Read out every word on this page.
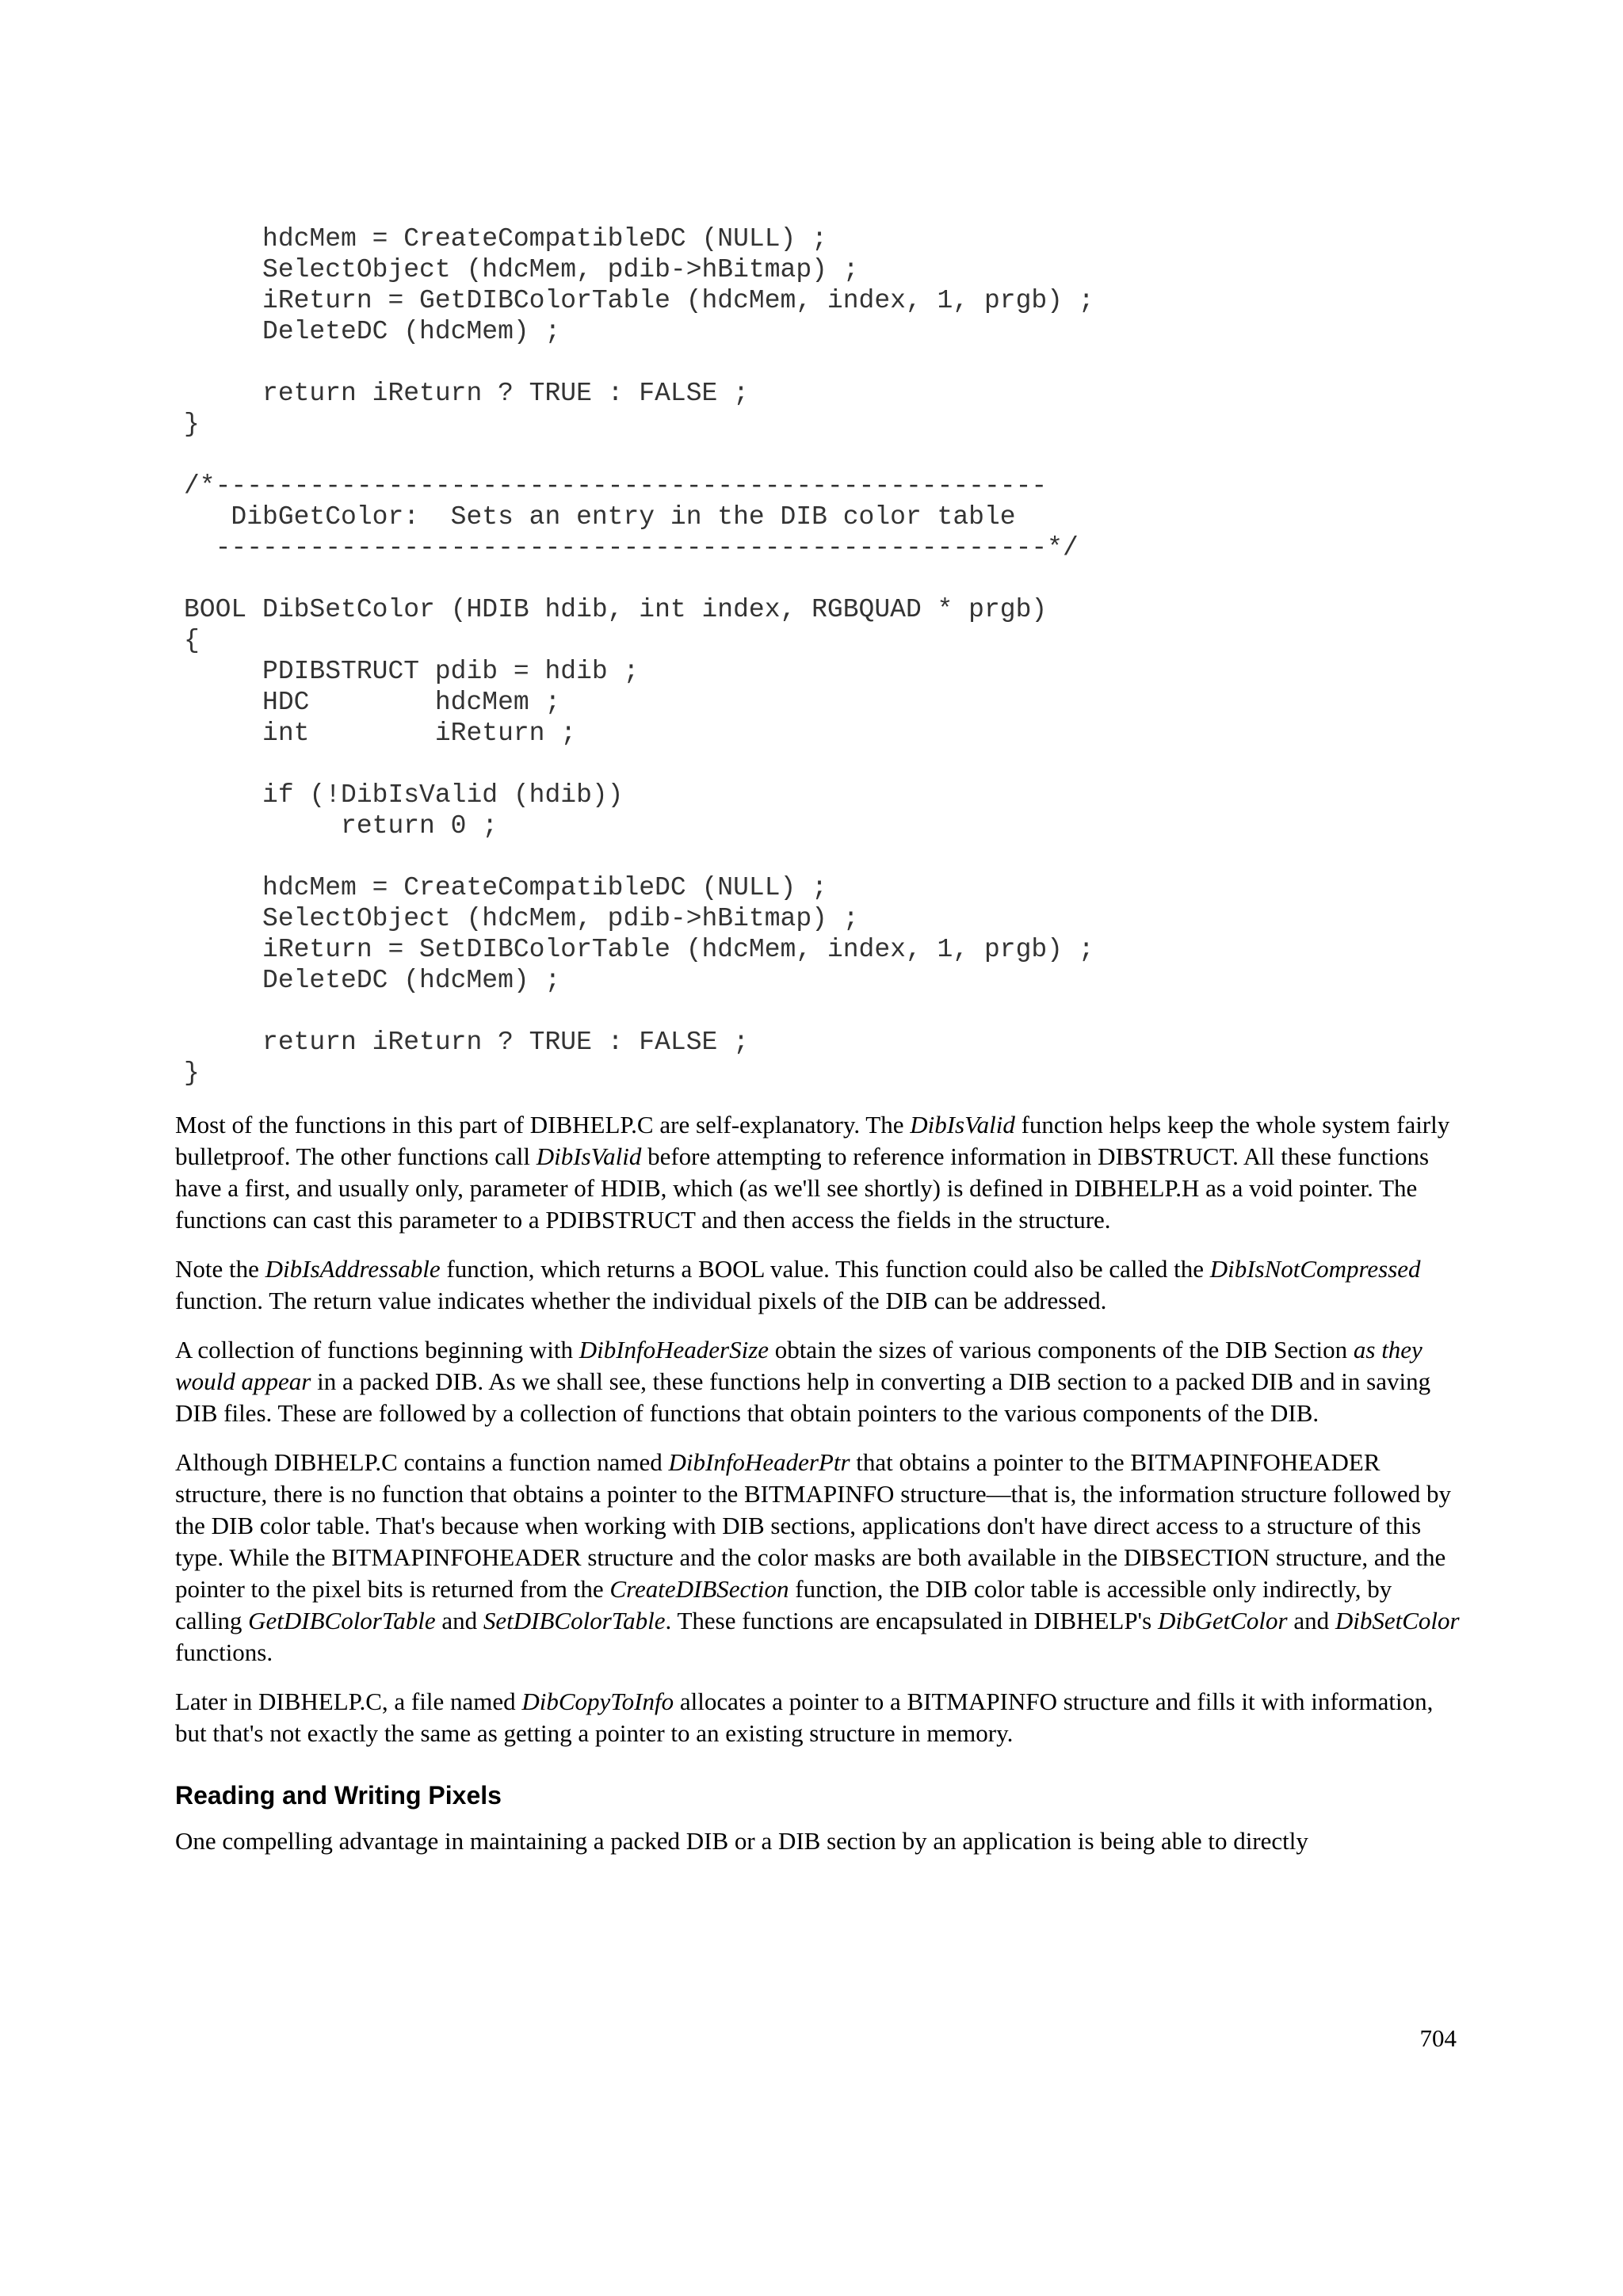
hdcMem = CreateCompatibleDC (NULL) ;
SelectObject (hdcMem, pdib->hBitmap) ;
iReturn = GetDIBColorTable (hdcMem, index, 1, prgb) ;
DeleteDC (hdcMem) ;
return iReturn ? TRUE : FALSE ;
}
/*-----------------------------------------------------
DibGetColor:  Sets an entry in the DIB color table
-----------------------------------------------------*/
BOOL DibSetColor (HDIB hdib, int index, RGBQUAD * prgb)
{
PDIBSTRUCT pdib = hdib ;
HDC        hdcMem ;
int        iReturn ;
if (!DibIsValid (hdib))
return 0 ;
hdcMem = CreateCompatibleDC (NULL) ;
SelectObject (hdcMem, pdib->hBitmap) ;
iReturn = SetDIBColorTable (hdcMem, index, 1, prgb) ;
DeleteDC (hdcMem) ;
return iReturn ? TRUE : FALSE ;
}

Most of the functions in this part of DIBHELP.C are self-explanatory. The DibIsValid function helps keep the whole system fairly bulletproof. The other functions call DibIsValid before attempting to reference information in DIBSTRUCT. All these functions have a first, and usually only, parameter of HDIB, which (as we'll see shortly) is defined in DIBHELP.H as a void pointer. The functions can cast this parameter to a PDIBSTRUCT and then access the fields in the structure.

Note the DibIsAddressable function, which returns a BOOL value. This function could also be called the DibIsNotCompressed function. The return value indicates whether the individual pixels of the DIB can be addressed.

A collection of functions beginning with DibInfoHeaderSize obtain the sizes of various components of the DIB Section as they would appear in a packed DIB. As we shall see, these functions help in converting a DIB section to a packed DIB and in saving DIB files. These are followed by a collection of functions that obtain pointers to the various components of the DIB.

Although DIBHELP.C contains a function named DibInfoHeaderPtr that obtains a pointer to the BITMAPINFOHEADER structure, there is no function that obtains a pointer to the BITMAPINFO structure—that is, the information structure followed by the DIB color table. That's because when working with DIB sections, applications don't have direct access to a structure of this type. While the BITMAPINFOHEADER structure and the color masks are both available in the DIBSECTION structure, and the pointer to the pixel bits is returned from the CreateDIBSection function, the DIB color table is accessible only indirectly, by calling GetDIBColorTable and SetDIBColorTable. These functions are encapsulated in DIBHELP's DibGetColor and DibSetColor functions.

Later in DIBHELP.C, a file named DibCopyToInfo allocates a pointer to a BITMAPINFO structure and fills it with information, but that's not exactly the same as getting a pointer to an existing structure in memory.

Reading and Writing Pixels

One compelling advantage in maintaining a packed DIB or a DIB section by an application is being able to directly

704
